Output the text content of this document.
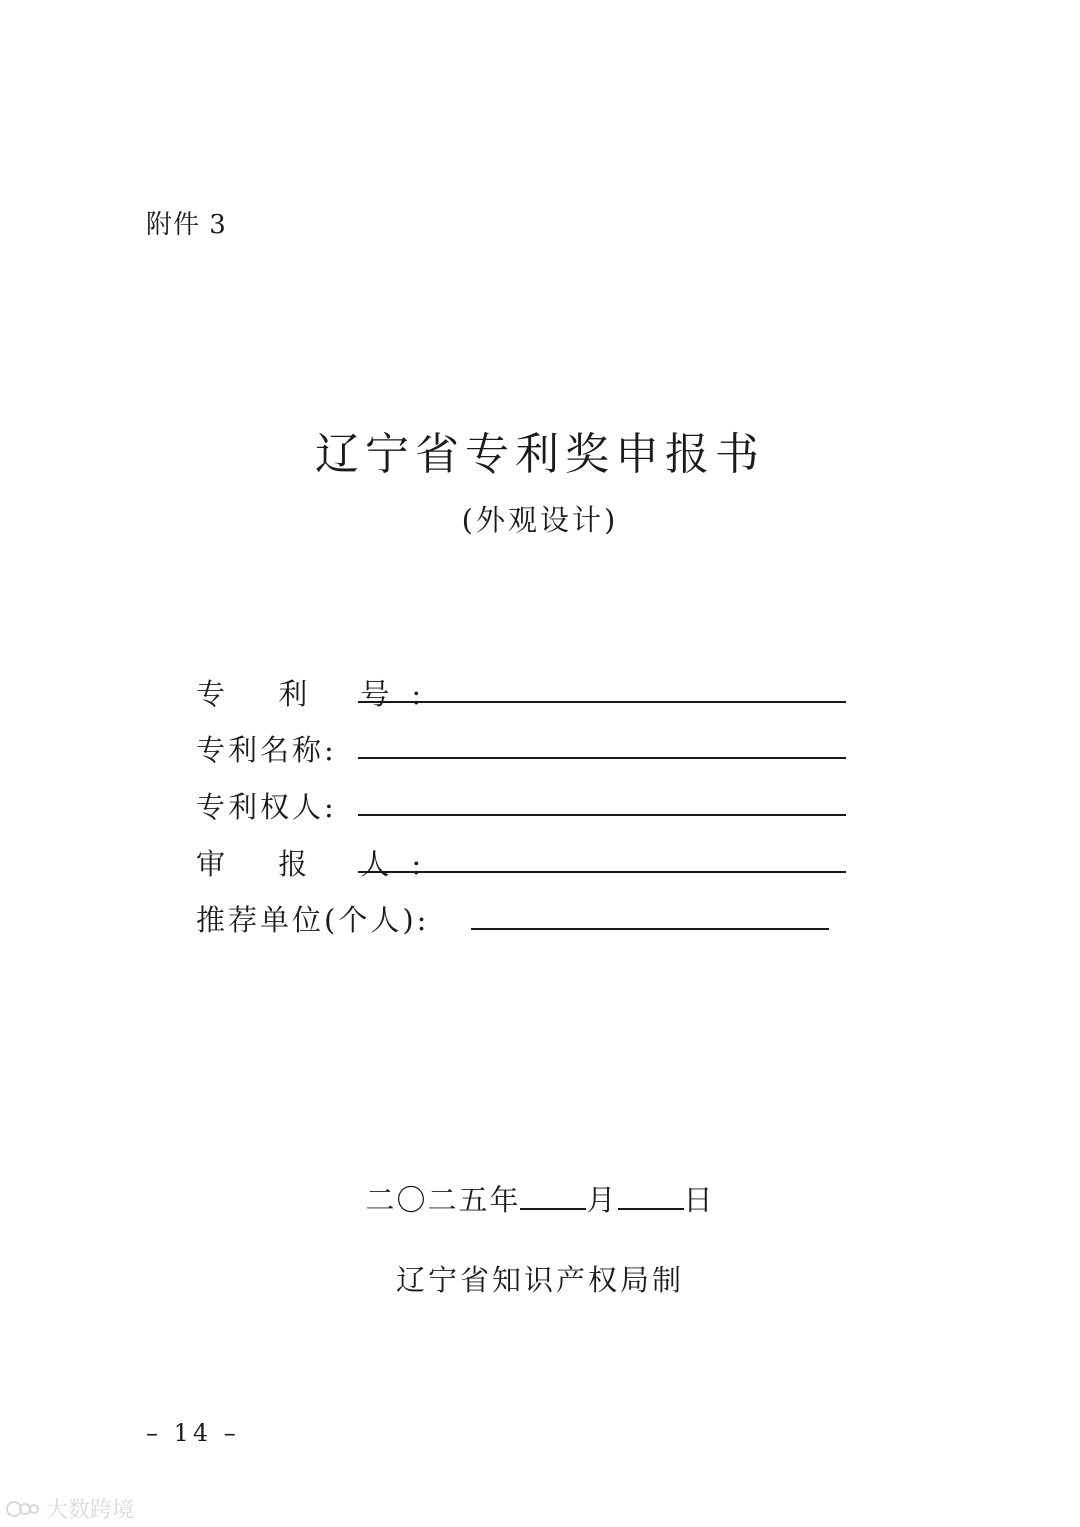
附件 3
辽宁省专利奖申报书
(外观设计)
专 利 号:
专利名称:
专利权人:
审 报 人:
推荐单位(个人):
二〇二五年 月 日
辽宁省知识产权局制
– 14 –
大数跨境
